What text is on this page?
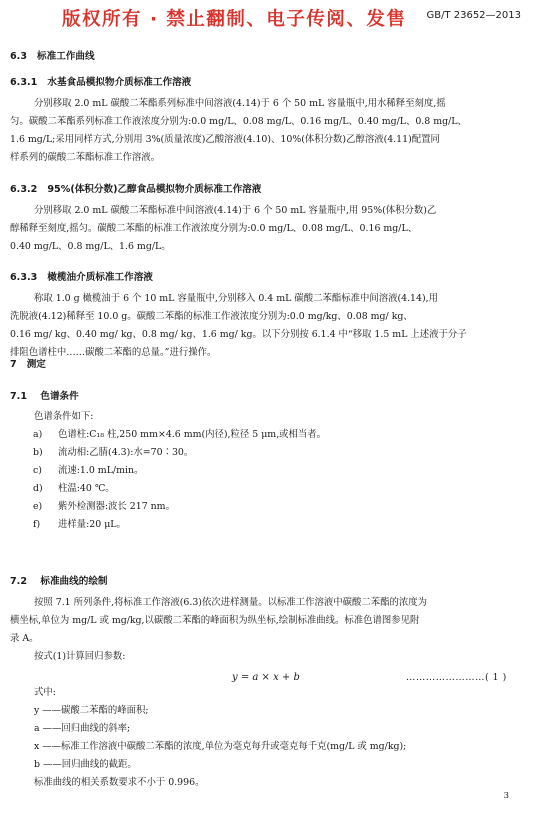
版权所有 · 禁止翻制、电子传阅、发售 GB/T 23652—2013
6.3 标准工作曲线
6.3.1 水基食品模拟物介质标准工作溶液
分别移取 2.0 mL 碳酸二苯酯系列标准中间溶液(4.14)于 6 个 50 mL 容量瓶中,用水稀释至刻度,摇
匀。碳酸二苯酯系列标准工作液浓度分别为:0.0 mg/L、0.08 mg/L、0.16 mg/L、0.40 mg/L、0.8 mg/L、
1.6 mg/L;采用同样方式,分别用 3%(质量浓度)乙酸溶液(4.10)、10%(体积分数)乙醇溶液(4.11)配置同
样系列的碳酸二苯酯标准工作溶液。
6.3.2 95%(体积分数)乙醇食品模拟物介质标准工作溶液
分别移取 2.0 mL 碳酸二苯酯标准中间溶液(4.14)于 6 个 50 mL 容量瓶中,用 95%(体积分数)乙
醇稀释至刻度,摇匀。碳酸二苯酯的标准工作液浓度分别为:0.0 mg/L、0.08 mg/L、0.16 mg/L、
0.40 mg/L、0.8 mg/L、1.6 mg/L。
6.3.3 橄榄油介质标准工作溶液
称取 1.0 g 橄榄油于 6 个 10 mL 容量瓶中,分别移入 0.4 mL 碳酸二苯酯标准中间溶液(4.14),用
洗脱液(4.12)稀释至 10.0 g。碳酸二苯酯的标准工作液浓度分别为:0.0 mg/kg、0.08 mg/ kg、
0.16 mg/ kg、0.40 mg/ kg、0.8 mg/ kg、1.6 mg/ kg。以下分别按 6.1.4 中“移取 1.5 mL 上述液于分子
排阻色谱柱中……碳酸二苯酯的总量。”进行操作。
7 测定
7.1 色谱条件
色谱条件如下:
a) 色谱柱:C₁₈ 柱,250 mm×4.6 mm(内径),粒径 5 μm,或相当者。
b) 流动相:乙腈(4.3):水=70∶30。
c) 流速:1.0 mL/min。
d) 柱温:40 ℃。
e) 紫外检测器:波长 217 nm。
f) 进样量:20 μL。
7.2 标准曲线的绘制
按照 7.1 所列条件,将标准工作溶液(6.3)依次进样测量。以标准工作溶液中碳酸二苯酯的浓度为
横坐标,单位为 mg/L 或 mg/kg,以碳酸二苯酯的峰面积为纵坐标,绘制标准曲线。标准色谱图参见附
录 A。
按式(1)计算回归参数:
y = a × x + b	……………………( 1 )
式中:
y ——碳酸二苯酯的峰面积;
a ——回归曲线的斜率;
x ——标准工作溶液中碳酸二苯酯的浓度,单位为毫克每升或毫克每千克(mg/L 或 mg/kg);
b ——回归曲线的截距。
标准曲线的相关系数要求不小于 0.996。
3
